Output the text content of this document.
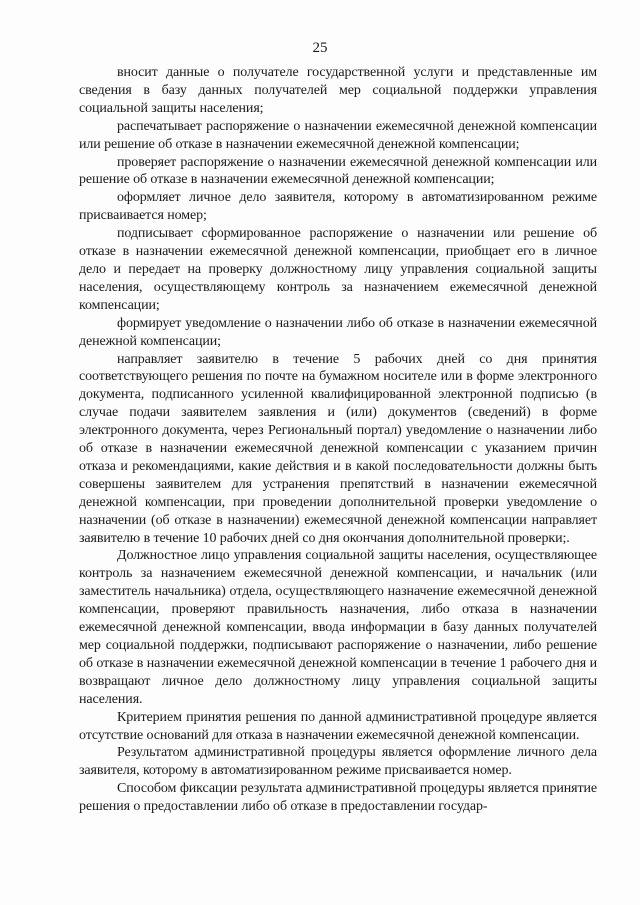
25

вносит данные о получателе государственной услуги и представленные им сведения в базу данных получателей мер социальной поддержки управления социальной защиты населения;

распечатывает распоряжение о назначении ежемесячной денежной компенсации или решение об отказе в назначении ежемесячной денежной компенсации;

проверяет распоряжение о назначении ежемесячной денежной компенсации или решение об отказе в назначении ежемесячной денежной компенсации;

оформляет личное дело заявителя, которому в автоматизированном режиме присваивается номер;

подписывает сформированное распоряжение о назначении или решение об отказе в назначении ежемесячной денежной компенсации, приобщает его в личное дело и передает на проверку должностному лицу управления социальной защиты населения, осуществляющему контроль за назначением ежемесячной денежной компенсации;

формирует уведомление о назначении либо об отказе в назначении ежемесячной денежной компенсации;

направляет заявителю в течение 5 рабочих дней со дня принятия соответствующего решения по почте на бумажном носителе или в форме электронного документа, подписанного усиленной квалифицированной электронной подписью (в случае подачи заявителем заявления и (или) документов (сведений) в форме электронного документа, через Региональный портал) уведомление о назначении либо об отказе в назначении ежемесячной денежной компенсации с указанием причин отказа и рекомендациями, какие действия и в какой последовательности должны быть совершены заявителем для устранения препятствий в назначении ежемесячной денежной компенсации, при проведении дополнительной проверки уведомление о назначении (об отказе в назначении) ежемесячной денежной компенсации направляет заявителю в течение 10 рабочих дней со дня окончания дополнительной проверки;.

Должностное лицо управления социальной защиты населения, осуществляющее контроль за назначением ежемесячной денежной компенсации, и начальник (или заместитель начальника) отдела, осуществляющего назначение ежемесячной денежной компенсации, проверяют правильность назначения, либо отказа в назначении ежемесячной денежной компенсации, ввода информации в базу данных получателей мер социальной поддержки, подписывают распоряжение о назначении, либо решение об отказе в назначении ежемесячной денежной компенсации в течение 1 рабочего дня и возвращают личное дело должностному лицу управления социальной защиты населения.

Критерием принятия решения по данной административной процедуре является отсутствие оснований для отказа в назначении ежемесячной денежной компенсации.

Результатом административной процедуры является оформление личного дела заявителя, которому в автоматизированном режиме присваивается номер.

Способом фиксации результата административной процедуры является принятие решения о предоставлении либо об отказе в предоставлении государ-
